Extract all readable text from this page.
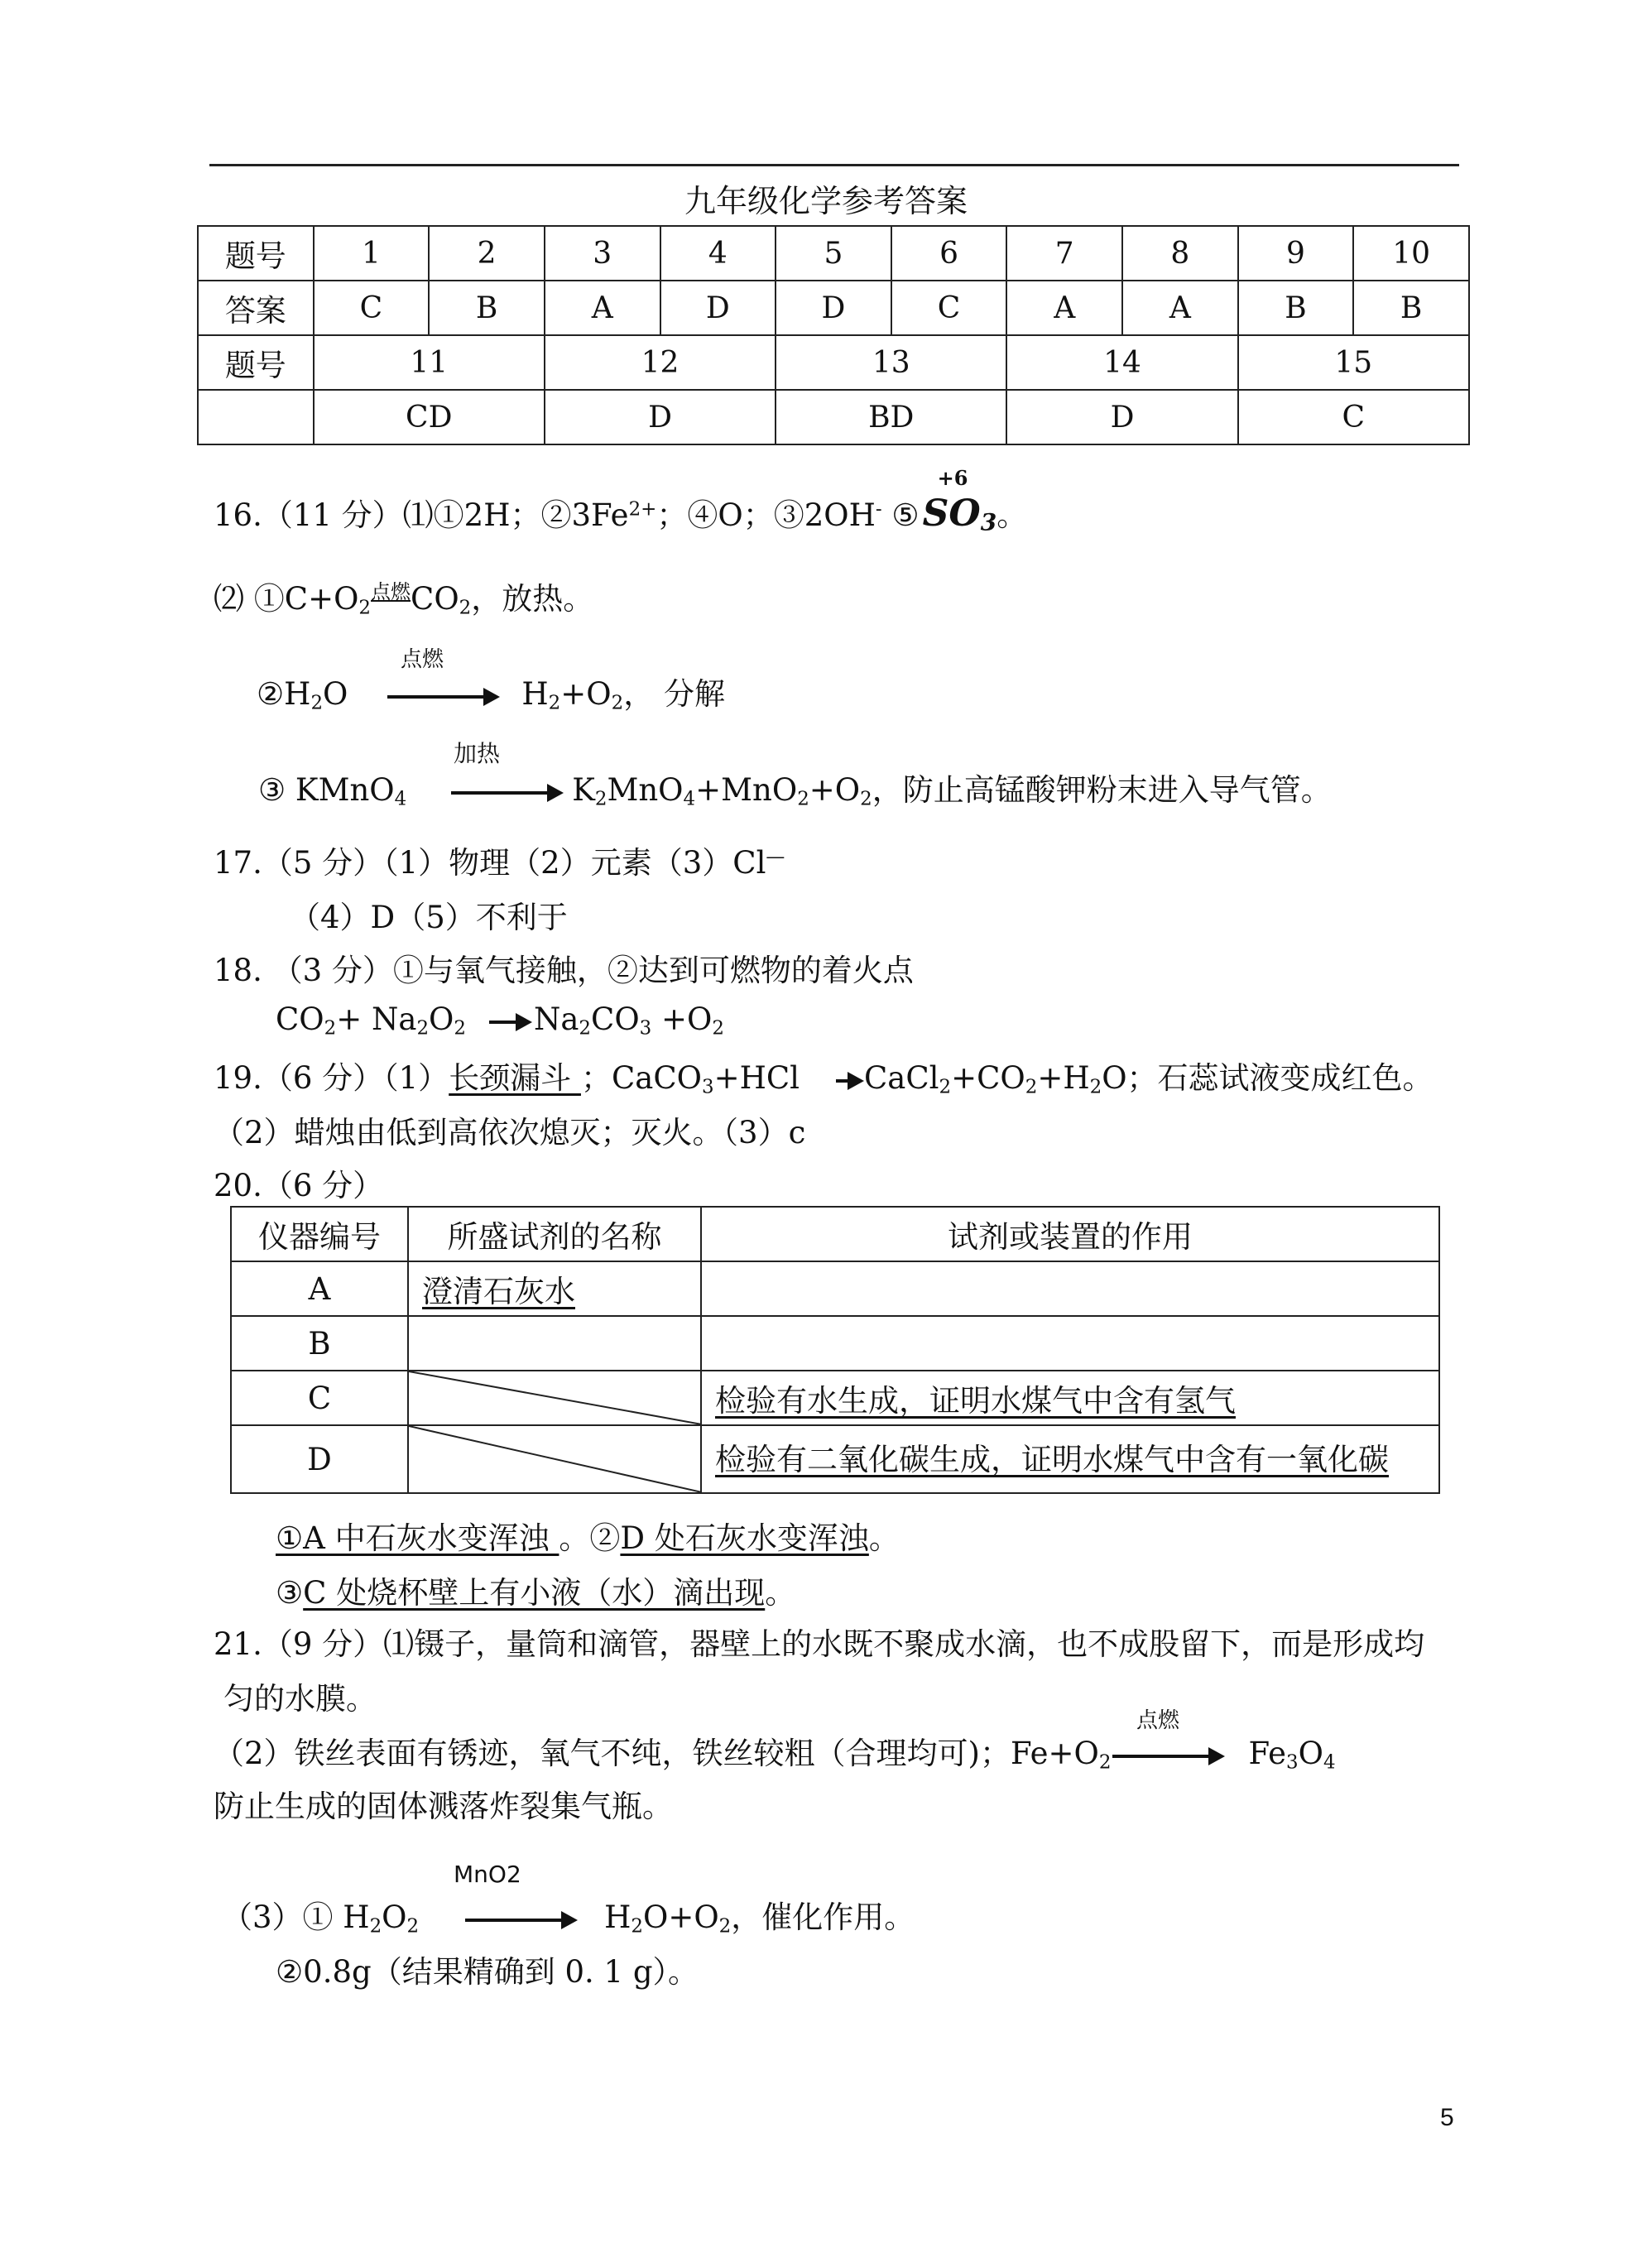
九年级化学参考答案
题号	1	2	3	4	5	6	7	8	9	10
答案	C	B	A	D	D	C	A	A	B	B
题号	11		12		13		14		15	
	CD		D		BD		D		C	
16.（11 分）⑴①2H；$②3Fe^{2+}$；④O；③2OH- ⑤
+6
SO3。
⑵ $①C+O_2^{点燃}CO_2$，放热。
点燃
$②H_2O \to H_2+O_2$， 分解
加热
③ KMnO$_4$ → $K_2MnO_4+MnO_2+O_2$，防止高锰酸钾粉末进入导气管。
17.（5 分）（1）物理（2）元素（3）Cl—
（4）D（5）不利于
18. （3 分）①与氧气接触，②达到可燃物的着火点
$CO_2+ Na_2O_2$ $Na_2CO_3 +O_2$
19.（6 分）（1）长颈漏斗 ；CaCO$_3$+HCl $CaCl_2+CO_2+H_2O$；石蕊试液变成红色。
（2）蜡烛由低到高依次熄灭；灭火。（3）c
20.（6 分）
仪器编号	所盛试剂的名称	试剂或装置的作用
A	澄清石灰水	
B		
C		检验有水生成，证明水煤气中含有氢气
D		检验有二氧化碳生成，证明水煤气中含有一氧化碳
①A 中石灰水变浑浊 。②D 处石灰水变浑浊。
③C 处烧杯壁上有小液（水）滴出现。
21.（9 分）⑴镊子，量筒和滴管，器壁上的水既不聚成水滴，也不成股留下，而是形成均
匀的水膜。
点燃
（2）铁丝表面有锈迹，氧气不纯，铁丝较粗（合理均可)；$Fe+O_2 \to Fe_3O_4$
防止生成的固体溅落炸裂集气瓶。
MnO2
（3）① $H_2O_2 \to H_2O+O_2$，催化作用。
②0.8g（结果精确到 0. 1 g）。
5
